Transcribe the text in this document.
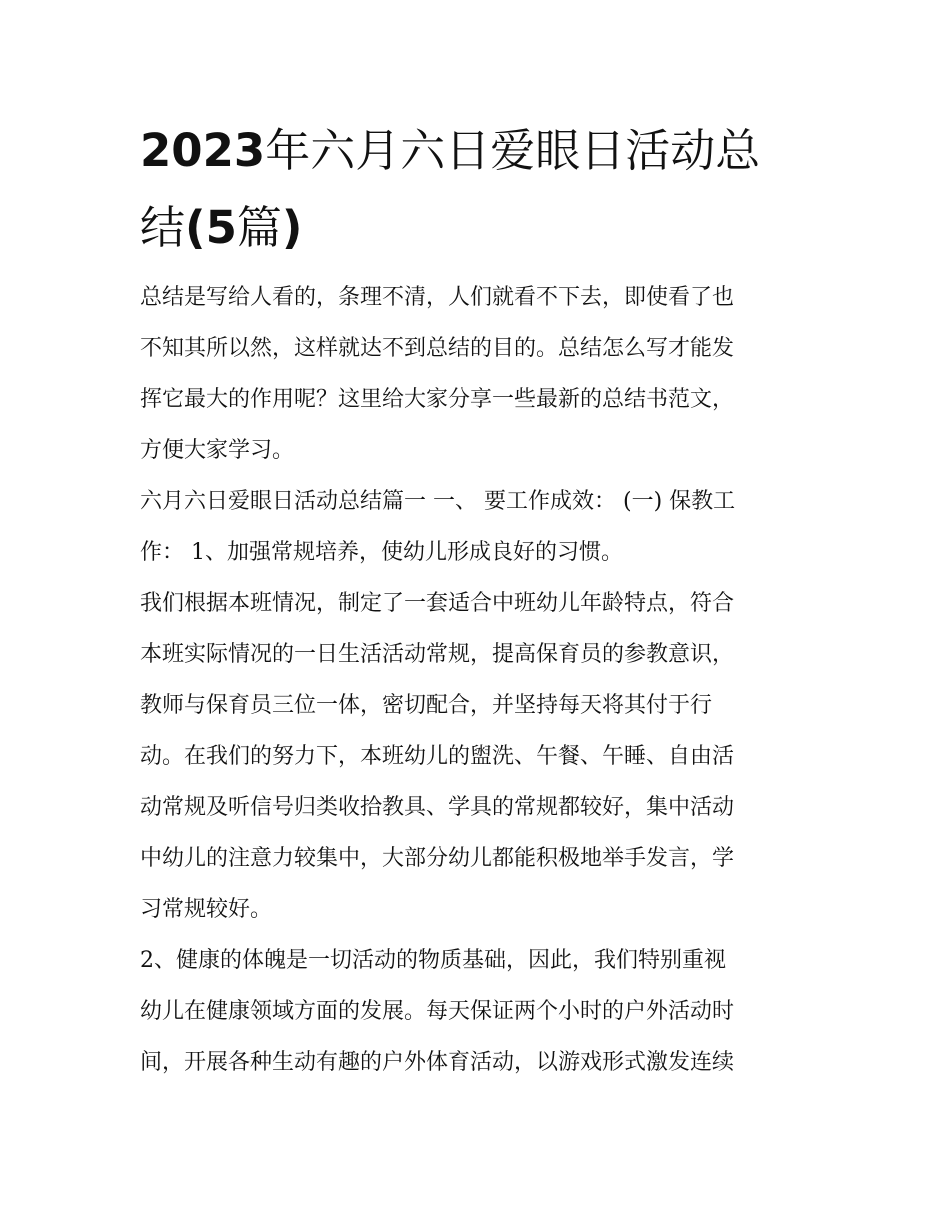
2023年六月六日爱眼日活动总
结(5篇)
总结是写给人看的，条理不清，人们就看不下去，即使看了也
不知其所以然，这样就达不到总结的目的。总结怎么写才能发
挥它最大的作用呢？这里给大家分享一些最新的总结书范文，
方便大家学习。
六月六日爱眼日活动总结篇一 一、 要工作成效： (一) 保教工
作： 1、加强常规培养，使幼儿形成良好的习惯。
我们根据本班情况，制定了一套适合中班幼儿年龄特点，符合
本班实际情况的一日生活活动常规，提高保育员的参教意识，
教师与保育员三位一体，密切配合，并坚持每天将其付于行
动。在我们的努力下，本班幼儿的盥洗、午餐、午睡、自由活
动常规及听信号归类收拾教具、学具的常规都较好，集中活动
中幼儿的注意力较集中，大部分幼儿都能积极地举手发言，学
习常规较好。
2、健康的体魄是一切活动的物质基础，因此，我们特别重视
幼儿在健康领域方面的发展。每天保证两个小时的户外活动时
间，开展各种生动有趣的户外体育活动，以游戏形式激发连续
